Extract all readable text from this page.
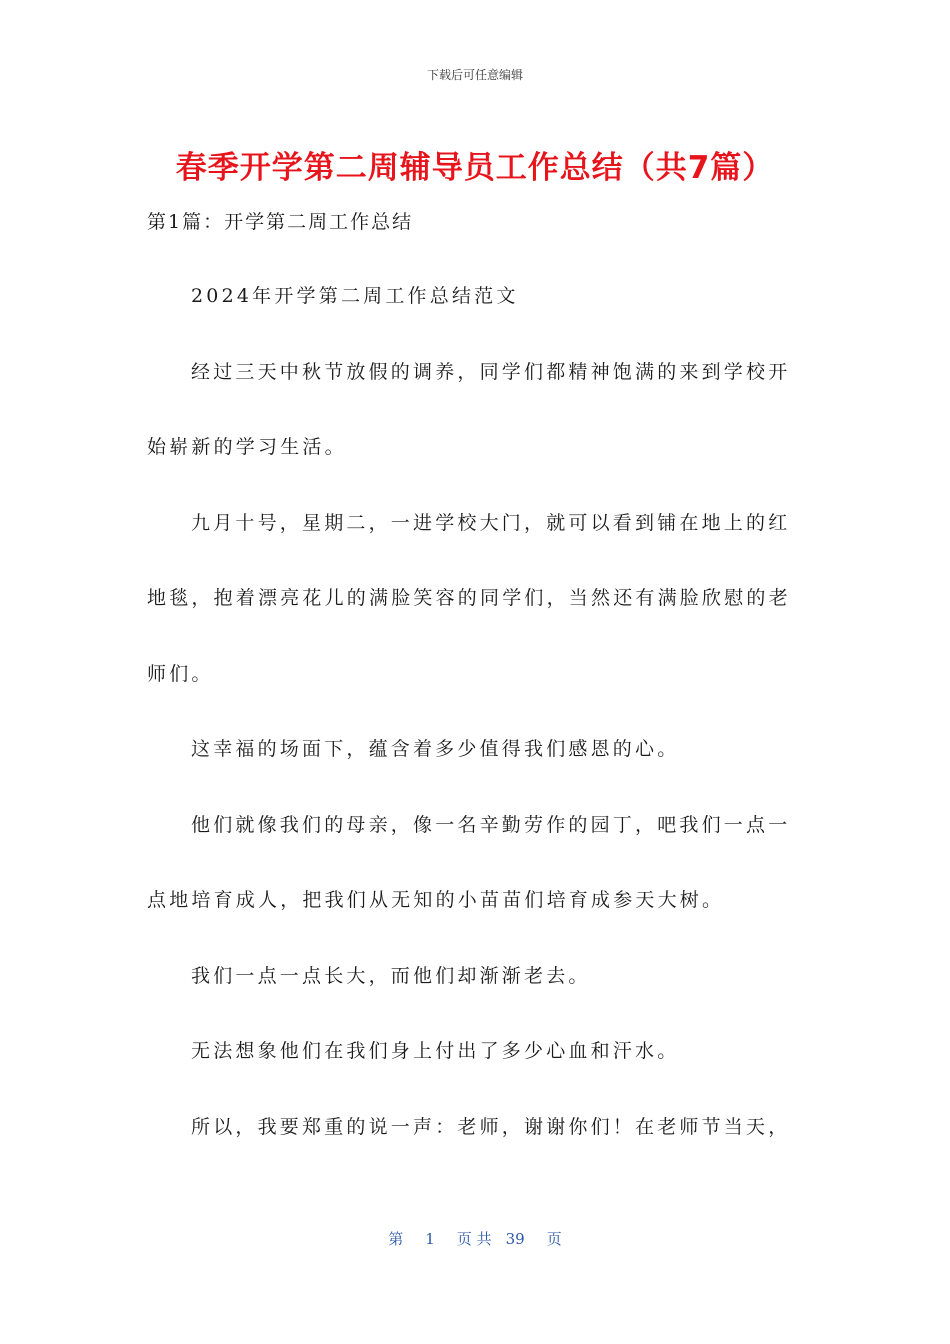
下载后可任意编辑
春季开学第二周辅导员工作总结（共7篇）
第1篇：开学第二周工作总结
2024年开学第二周工作总结范文
经过三天中秋节放假的调养，同学们都精神饱满的来到学校开
始崭新的学习生活。
九月十号，星期二，一进学校大门，就可以看到铺在地上的红
地毯，抱着漂亮花儿的满脸笑容的同学们，当然还有满脸欣慰的老
师们。
这幸福的场面下，蕴含着多少值得我们感恩的心。
他们就像我们的母亲，像一名辛勤劳作的园丁，吧我们一点一
点地培育成人，把我们从无知的小苗苗们培育成参天大树。
我们一点一点长大，而他们却渐渐老去。
无法想象他们在我们身上付出了多少心血和汗水。
所以，我要郑重的说一声：老师，谢谢你们！在老师节当天，
第 1 页 共 39 页
